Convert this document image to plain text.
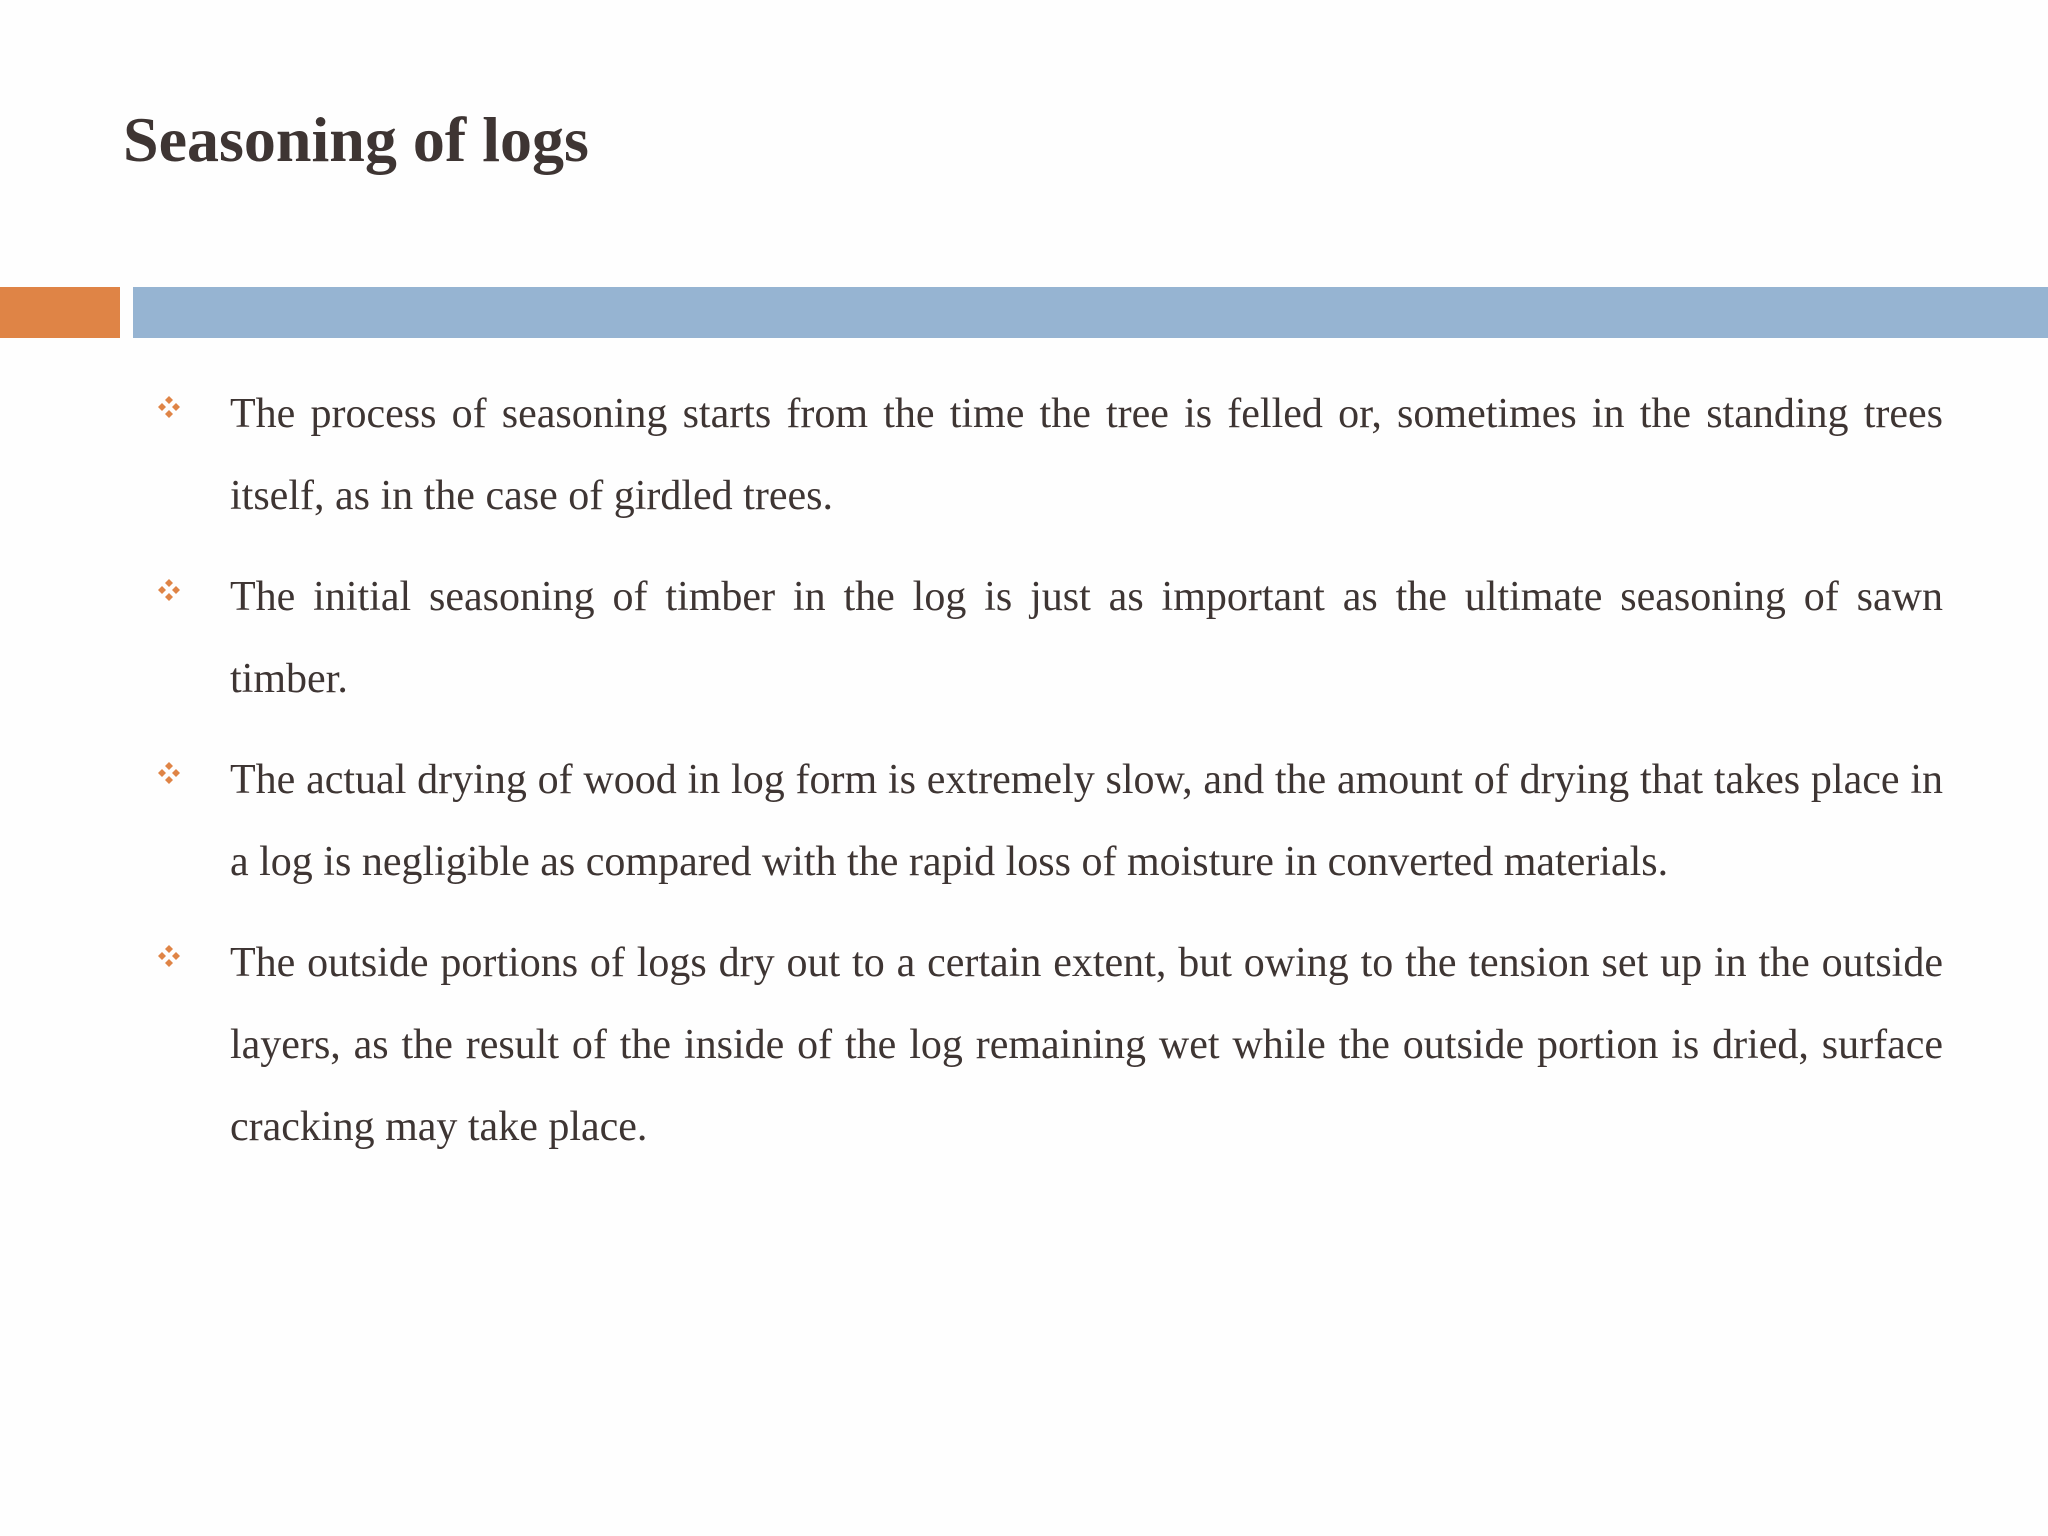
Seasoning of logs
The process of seasoning starts from the time the tree is felled or, sometimes in the standing trees itself, as in the case of girdled trees.
The initial seasoning of timber in the log is just as important as the ultimate seasoning of sawn timber.
The actual drying of wood in log form is extremely slow, and the amount of drying that takes place in a log is negligible as compared with the rapid loss of moisture in converted materials.
The outside portions of logs dry out to a certain extent, but owing to the tension set up in the outside layers, as the result of the inside of the log remaining wet while the outside portion is dried, surface cracking may take place.
